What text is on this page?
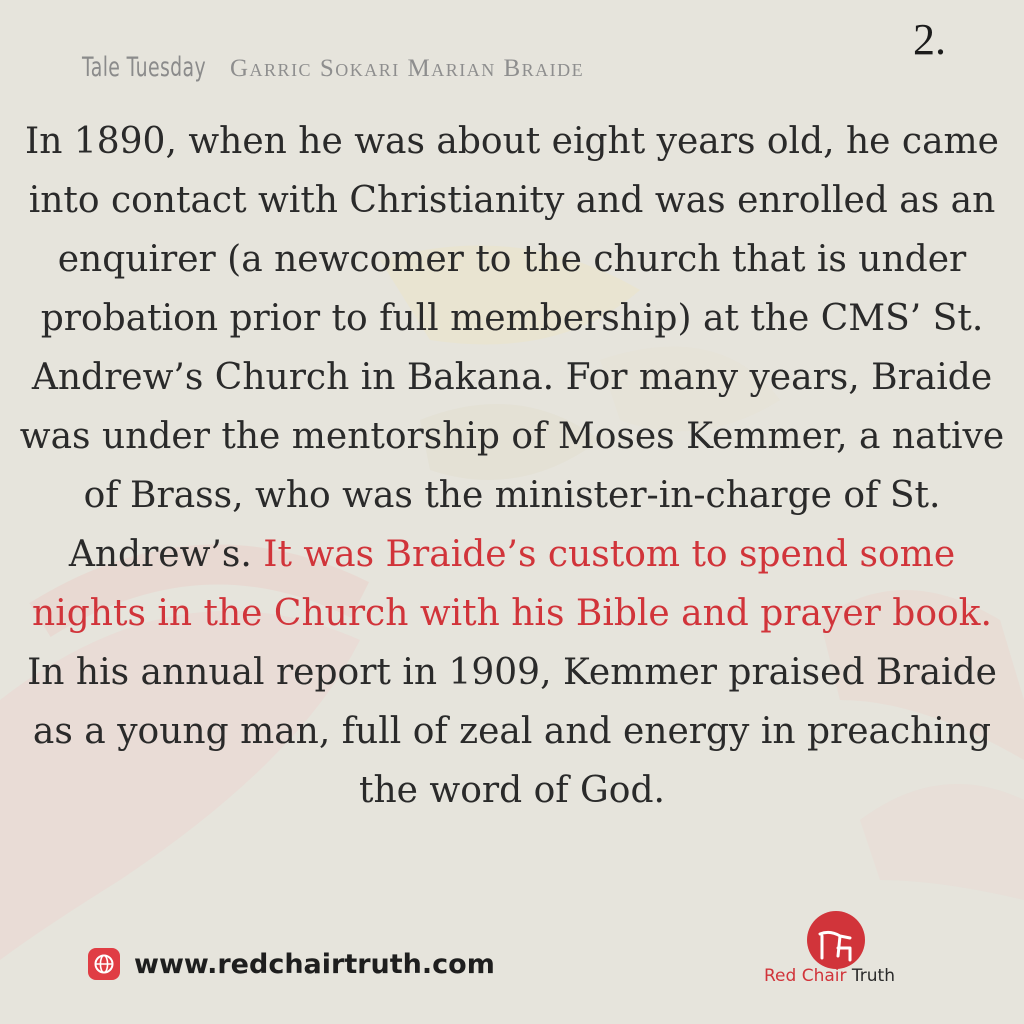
2.
Tale Tuesday Garric Sokari Marian Braide

In 1890, when he was about eight years old, he came into contact with Christianity and was enrolled as an enquirer (a newcomer to the church that is under probation prior to full membership) at the CMS’ St. Andrew’s Church in Bakana. For many years, Braide was under the mentorship of Moses Kemmer, a native of Brass, who was the minister-in-charge of St. Andrew’s. It was Braide’s custom to spend some nights in the Church with his Bible and prayer book.

In his annual report in 1909, Kemmer praised Braide as a young man, full of zeal and energy in preaching the word of God.

www.redchairtruth.com	Red Chair Truth
